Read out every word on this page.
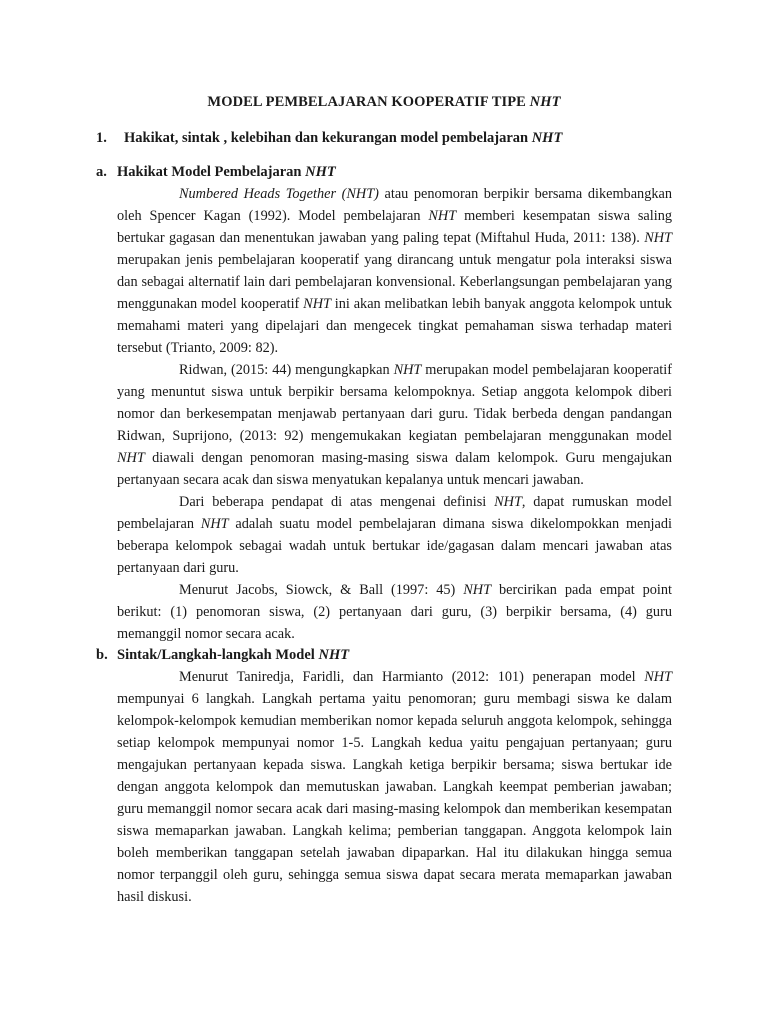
MODEL PEMBELAJARAN KOOPERATIF TIPE NHT
1.	Hakikat, sintak , kelebihan dan kekurangan model pembelajaran NHT
a. Hakikat Model Pembelajaran NHT

Numbered Heads Together (NHT) atau penomoran berpikir bersama dikembangkan oleh Spencer Kagan (1992). Model pembelajaran NHT memberi kesempatan siswa saling bertukar gagasan dan menentukan jawaban yang paling tepat (Miftahul Huda, 2011: 138). NHT merupakan jenis pembelajaran kooperatif yang dirancang untuk mengatur pola interaksi siswa dan sebagai alternatif lain dari pembelajaran konvensional. Keberlangsungan pembelajaran yang menggunakan model kooperatif NHT ini akan melibatkan lebih banyak anggota kelompok untuk memahami materi yang dipelajari dan mengecek tingkat pemahaman siswa terhadap materi tersebut (Trianto, 2009: 82).

Ridwan, (2015: 44) mengungkapkan NHT merupakan model pembelajaran kooperatif yang menuntut siswa untuk berpikir bersama kelompoknya. Setiap anggota kelompok diberi nomor dan berkesempatan menjawab pertanyaan dari guru. Tidak berbeda dengan pandangan Ridwan, Suprijono, (2013: 92) mengemukakan kegiatan pembelajaran menggunakan model NHT diawali dengan penomoran masing-masing siswa dalam kelompok. Guru mengajukan pertanyaan secara acak dan siswa menyatukan kepalanya untuk mencari jawaban.

Dari beberapa pendapat di atas mengenai definisi NHT, dapat rumuskan model pembelajaran NHT adalah suatu model pembelajaran dimana siswa dikelompokkan menjadi beberapa kelompok sebagai wadah untuk bertukar ide/gagasan dalam mencari jawaban atas pertanyaan dari guru.

Menurut Jacobs, Siowck, & Ball (1997: 45) NHT bercirikan pada empat point berikut: (1) penomoran siswa, (2) pertanyaan dari guru, (3) berpikir bersama, (4) guru memanggil nomor secara acak.

b. Sintak/Langkah-langkah Model NHT

Menurut Taniredja, Faridli, dan Harmianto (2012: 101) penerapan model NHT mempunyai 6 langkah. Langkah pertama yaitu penomoran; guru membagi siswa ke dalam kelompok-kelompok kemudian memberikan nomor kepada seluruh anggota kelompok, sehingga setiap kelompok mempunyai nomor 1-5. Langkah kedua yaitu pengajuan pertanyaan; guru mengajukan pertanyaan kepada siswa. Langkah ketiga berpikir bersama; siswa bertukar ide dengan anggota kelompok dan memutuskan jawaban. Langkah keempat pemberian jawaban; guru memanggil nomor secara acak dari masing-masing kelompok dan memberikan kesempatan siswa memaparkan jawaban. Langkah kelima; pemberian tanggapan. Anggota kelompok lain boleh memberikan tanggapan setelah jawaban dipaparkan. Hal itu dilakukan hingga semua nomor terpanggil oleh guru, sehingga semua siswa dapat secara merata memaparkan jawaban hasil diskusi.
